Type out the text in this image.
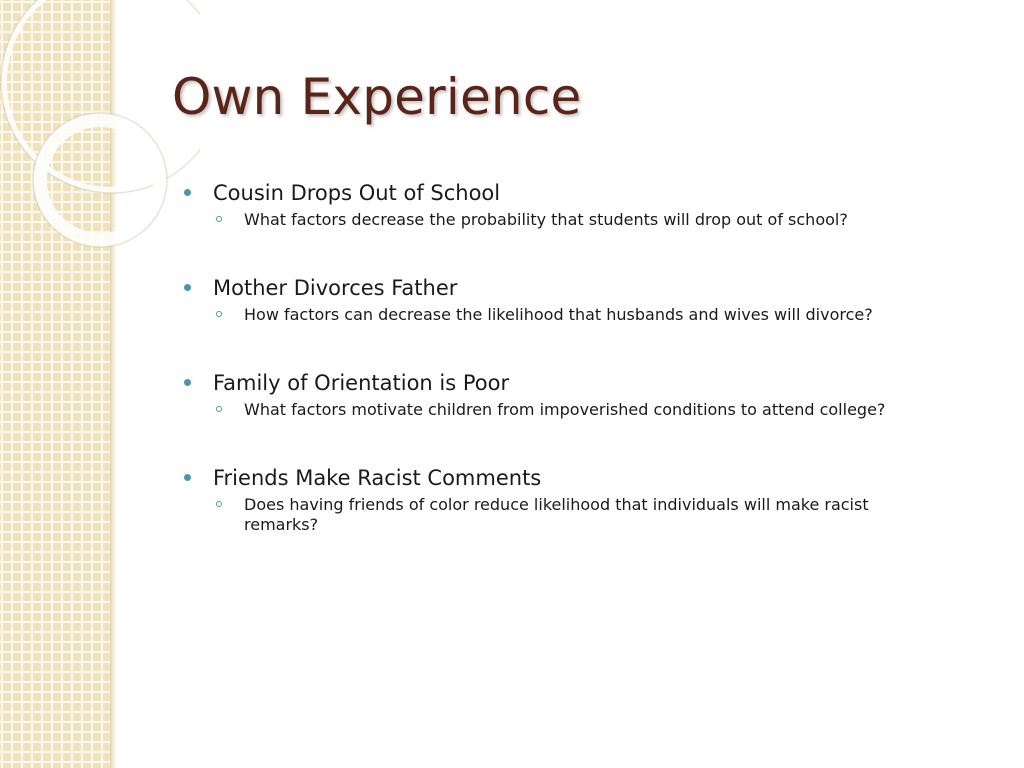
Own Experience
Cousin Drops Out of School
What factors decrease the probability that students will drop out of school?
Mother Divorces Father
How factors can decrease the likelihood that husbands and wives will divorce?
Family of Orientation is Poor
What factors motivate children from impoverished conditions to attend college?
Friends Make Racist Comments
Does having friends of color reduce likelihood that individuals will make racist remarks?
